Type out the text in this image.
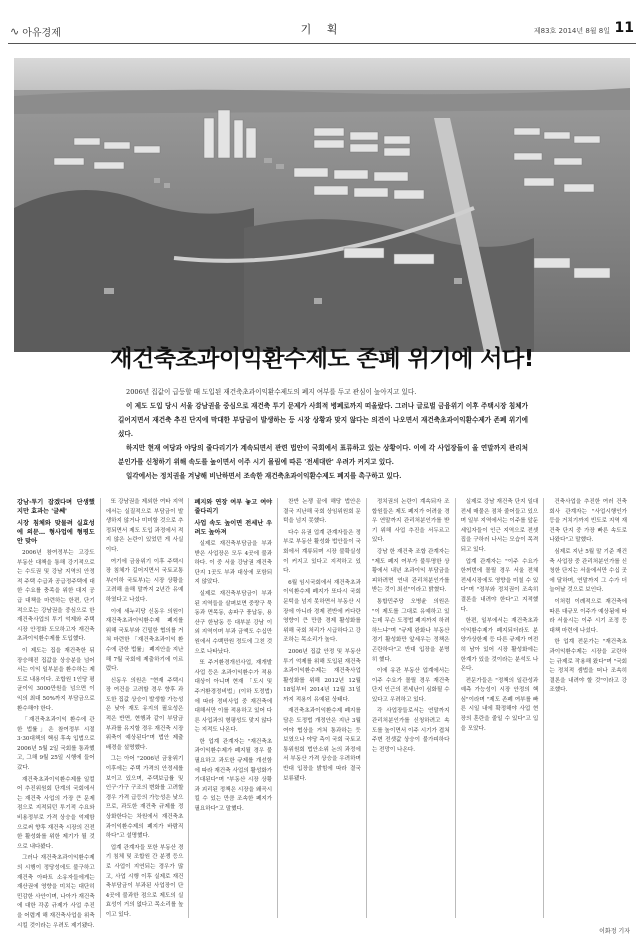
∿ 아유경제	기 획	제83호 2014년 8월 8일 11
재건축초과이익환수제도 존폐 위기에 서다!

2006년 집값이 급등할 때 도입된 재건축초과이익환수제도의 폐지 여부를 두고 관심이 높아지고 있다.

이 제도 도입 당시 서울 강남권을 중심으로 재건축 투기 문제가 사회적 병폐로까지 떠올랐다. 그러나 글로벌 금융위기 이후 주택시장 침체가 길어지면서 재건축 추진 단지에 막대한 부담금이 발생하는 등 시장 상황과 맞지 않다는 의견이 나오면서 재건축초과이익환수제가 존폐 위기에 섰다.

하지만 현재 여당과 야당의 줄다리기가 계속되면서 관련 법안이 국회에서 표류하고 있는 상황이다. 이에 각 사업장들이 올 연말까지 관리처분인가를 신청하기 위해 속도를 높이면서 이주 시기 몰림에 따른 '전세대란' 우려가 커지고 있다.

일각에서는 정치권을 겨냥해 비난하면서 조속한 재건축초과이익환수제도 폐지를 촉구하고 있다.

강남·투기 잡겠다며 단생했지만 효과는 '글쎄'

시장 침체와 맞물려 실효성에 의문… 형사업에 형평도 안 맞아

2006년 참여정부는 고강도 부동산 대책을 통해 강기적으로는 수도권 및 강남 지역의 안정적 주택 수급과 공급정주택에 대한 수요를 충족을 위한 대지 공급 대책을 마련하는 한편, 단기적으로는 강남권을 중심으로 한 재건축사업의 투기 억제와 주택시장 안정화 도모하고자 재건축초과이익환수제를 도입했다.

이 제도는 집을 재건축한 뒤 장승해진 집값을 상승분을 넘어서는 이익 일부분을 환수하는 제도로 내용이다. 조합원 1인당 평균이익 3000만원을 넘으면 이익의 최대 50%까지 부담금으로 환수해야 한다.

「재건축초과이익 환수에 관한 법률」은 참여정부 시절 3·30대책의 핵심 후속 입법으로 2006년 5월 2일 국회를 통과했고, 그해 9월 25일 시행에 들어갔다.

재건축초과이익환수제를 일컬어 추진위원회 단계의 국회에서는 재건축 사업의 가장 큰 문제점으로 지적되던 투기적 수요와 비용정부로 가격 상승을 억제함으로써 향후 재건축 시장의 건전한 활성화를 위한 제기가 될 것으로 내다봤다.

그러나 재건축초과이익환수제의 시행이 정당성에도 불구하고 재건축 아파트 소유자들에게는 재산권에 영향을 미치는 대단히 민감한 사안이며, 나아가 재건축에 대한 각종 규제가 사업 추진을 어렵게 해 재건축사업을 위축시킬 것이라는 우려도 제기됐다.

또 강남권을 제외한 여타 지역에서는 실질적으로 부담금이 발생하지 않거나 미미할 것으로 추정되면서 제도 도입 과정에서 적지 않은 논란이 있었던 게 사실이다.

여기에 금융위기 이후 주택시장 침체가 길어지면서 국토교통부(이하 국토부)는 시장 상황을 고려해 올해 말까지 2년간 유예하였다고 나섰다.

이에 새누리당 신동우 의원이 재건축초과이익환수제 폐지를 위해 국토부와 긴밀한 협의를 거쳐 마련한 「재건축초과이익 환수에 관한 법률」 폐지안을 지난해 7월 국회에 제출하기에 이르렀다.

신동우 의원은 "현재 주택시장 여건을 고려할 경우 향후 과도한 집값 상승이 발생할 가능성은 낮아 재도 유지의 필요성은 적은 반면, 현행과 같이 부담금 부과를 유지할 경우 재건축 시장 위축이 예상된다"며 법안 제출 배경을 설명했다.

그는 아어 "2006년 금융위기 이후에는 주택 가격의 안정세를 보이고 있으며, 주택보급률 및 인구·가구 구조의 변화를 고려할 경우 가격 급등의 가능성은 낮으므로, 과도한 재건축 규제를 정상화한다는 차원에서 재건축초과이익환수제의 폐지가 바람직하다"고 설명했다.

업계 관계자들 또한 부동산 경기 침체 및 조합원 간 분쟁 등으로 사업이 지연되는 경우가 많고, 사업 시행 이후 실제로 재건축부담금이 부과된 사업장이 단 4곳에 불과한 점으로 제도의 실효성이 거의 없다고 목소리를 높이고 있다.

폐지와 연장 여부 놓고 여야 줄다리기

사업 속도 높이면 전세난 우려도 높아져

실제로 재건축부담금을 부과받은 사업장은 모두 4곳에 불과하다. 이 중 서울 강남권 재건축단지 1곳도 부과 대상에 포함되지 않았다.

실제로 재건축부담금이 부과된 지역들을 살펴보면 중랑구 묵동과 면목동, 송파구 풍납동, 용산구 한남동 등 대부분 강남 이외 지역이며 부과 금액도 수십만원에서 수백만원 정도에 그친 것으로 나타났다.

또 주거환경개선사업, 재개발사업 등은 초과이익환수가 적용 대상이 아니며 현재 「도시 및 주거환경정비법」(이하 도정법)에 따라 정비사업 중 재건축에 대해서만 이를 적용하고 있어 다른 사업과의 형평성도 맞지 않다는 지적도 나온다.

한 업계 관계자는 "재건축초과이익환수제가 폐지될 경우 불필요하고 과도한 규제를 개선함에 따라 재건축 사업의 활성화가 기대된다"며 "부동산 시장 상황과 괴리된 정책은 시장을 왜곡시킬 수 있는 만큼 조속한 폐지가 필요하다"고 말했다.

찬반 논쟁 끝에 해당 법안은 결국 지난해 국회 상임위원회 문턱을 넘지 못했다.

다수 유권 업계 관계자들은 정부로 부동산 활성화 법안들이 국회에서 계류되며 시장 불확실성이 커지고 있다고 지적하고 있다.

6월 임시국회에서 재건축초과이익환수제 폐지가 또다시 국회 문턱을 넘지 못하면서 부동산 시장에 아니라 경제 전반에 커다란 영향이 큰 만큼 경제 활성화를 위해 국회 처리가 시급하다고 강조하는 목소리가 높다.

2006년 집값 안정 및 부동산 투기 억제를 위해 도입된 재건축초과이익환수제는 재건축사업 활성화를 위해 2012년 12월 18일부터 2014년 12월 31일까지 적용이 유예된 상태다.

재건축초과이익환수제 폐지를 담은 도정법 개정안은 지난 3월 여야 협상을 거쳐 통과하는 듯 보였으나 야당 측이 국회 국토교통위원회 법안소위 논의 과정에서 부동산 가격 상승을 우려하며 반대 입장을 밝힘에 따라 결국 보류됐다.

정치권의 논란이 계속되자 조합원들은 제도 폐지가 어려울 경우 연말까지 관리처분인가를 받기 위해 사업 추진을 서두르고 있다.

강남 한 재건축 조합 관계자는 "제도 폐지 여부가 불투명한 상황에서 내년 초과이익 부담금을 피하려면 연내 관리처분인가를 받는 것이 최선"이라고 밝혔다.

통합민주당 오병윤 의원은 "이 제도를 그대로 유예하고 있는데 무슨 도정법 폐지까지 하려 하느냐"며 "규제 완화나 부동산 경기 활성화만 앞세우는 정책은 곤란하다"고 반대 입장을 분명히 했다.

이에 유관 부동산 업계에서는 이주 수요가 몰릴 경우 재건축 단지 인근의 전세난이 심화될 수 있다고 우려하고 있다.

각 사업장들로서는 연말까지 관리처분인가를 신청하려고 속도를 높이면서 이주 시기가 겹쳐 주변 전셋값 상승이 불가피하다는 전망이 나온다.

실제로 강남 재건축 단지 일대 전세 매물은 점차 줄어들고 있으며 일부 지역에서는 이주를 앞둔 세입자들이 인근 지역으로 전셋집을 구하러 나서는 모습이 목격되고 있다.

업계 관계자는 "이주 수요가 한꺼번에 몰릴 경우 서울 전체 전세시장에도 영향을 미칠 수 있다"며 "정부와 정치권이 조속히 결론을 내려야 한다"고 지적했다.

한편, 일부에서는 재건축초과이익환수제가 폐지되더라도 분양가상한제 등 다른 규제가 여전히 남아 있어 시장 활성화에는 한계가 있을 것이라는 분석도 나온다.

전문가들은 "정책의 일관성과 예측 가능성이 시장 안정의 핵심"이라며 "제도 존폐 여부를 빠른 시일 내에 확정해야 사업 현장의 혼란을 줄일 수 있다"고 입을 모았다.

건축사업을 추진한 여러 건축회사 관계자는 "사업시행인가 등을 거치기까지 빈도로 지역 재건축 단지 중 가장 빠른 속도로 나왔다"고 말했다.

심제로 지난 5월 말 기준 재건축 사업장 중 관리처분인가를 신청한 단지는 서울에서만 수십 곳에 달하며, 연말까지 그 수가 더 늘어날 것으로 보인다.

이처럼 이례적으로 재건축에 따른 대규모 이주가 예상됨에 따라 서울시는 이주 시기 조정 등 대책 마련에 나섰다.

한 업계 전문가는 "재건축초과이익환수제는 시장을 교란하는 규제로 작용해 왔다"며 "국회는 정치적 셈법을 떠나 조속히 결론을 내려야 할 것"이라고 강조했다.

이화정 기자
